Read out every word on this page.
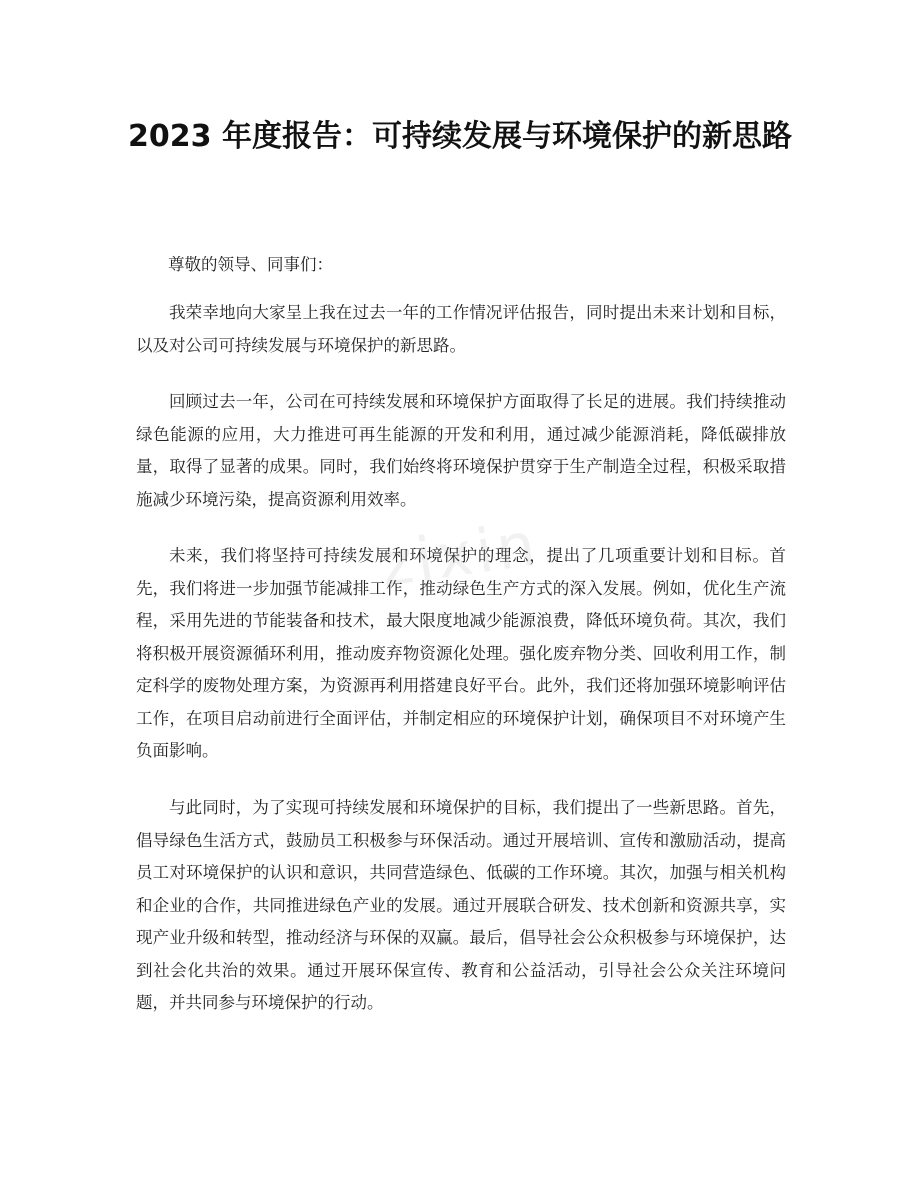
2023 年度报告：可持续发展与环境保护的新思路

尊敬的领导、同事们：

我荣幸地向大家呈上我在过去一年的工作情况评估报告，同时提出未来计划和目标，以及对公司可持续发展与环境保护的新思路。

回顾过去一年，公司在可持续发展和环境保护方面取得了长足的进展。我们持续推动绿色能源的应用，大力推进可再生能源的开发和利用，通过减少能源消耗，降低碳排放量，取得了显著的成果。同时，我们始终将环境保护贯穿于生产制造全过程，积极采取措施减少环境污染，提高资源利用效率。

未来，我们将坚持可持续发展和环境保护的理念，提出了几项重要计划和目标。首先，我们将进一步加强节能减排工作，推动绿色生产方式的深入发展。例如，优化生产流程，采用先进的节能装备和技术，最大限度地减少能源浪费，降低环境负荷。其次，我们将积极开展资源循环利用，推动废弃物资源化处理。强化废弃物分类、回收利用工作，制定科学的废物处理方案，为资源再利用搭建良好平台。此外，我们还将加强环境影响评估工作，在项目启动前进行全面评估，并制定相应的环境保护计划，确保项目不对环境产生负面影响。

与此同时，为了实现可持续发展和环境保护的目标，我们提出了一些新思路。首先，倡导绿色生活方式，鼓励员工积极参与环保活动。通过开展培训、宣传和激励活动，提高员工对环境保护的认识和意识，共同营造绿色、低碳的工作环境。其次，加强与相关机构和企业的合作，共同推进绿色产业的发展。通过开展联合研发、技术创新和资源共享，实现产业升级和转型，推动经济与环保的双赢。最后，倡导社会公众积极参与环境保护，达到社会化共治的效果。通过开展环保宣传、教育和公益活动，引导社会公众关注环境问题，并共同参与环境保护的行动。

zixin
